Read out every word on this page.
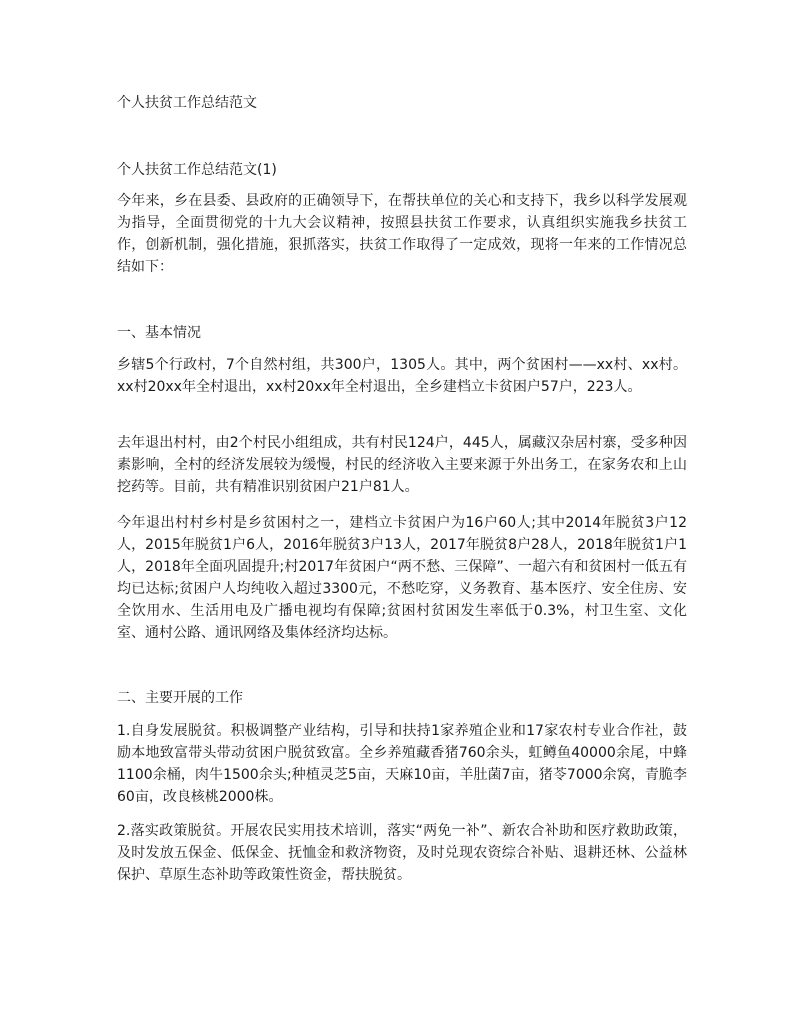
个人扶贫工作总结范文
个人扶贫工作总结范文(1)

今年来，乡在县委、县政府的正确领导下，在帮扶单位的关心和支持下，我乡以科学发展观为指导，全面贯彻党的十九大会议精神，按照县扶贫工作要求，认真组织实施我乡扶贫工作，创新机制，强化措施，狠抓落实，扶贫工作取得了一定成效，现将一年来的工作情况总结如下：

一、基本情况

乡辖5个行政村，7个自然村组，共300户，1305人。其中，两个贫困村——xx村、xx村。xx村20xx年全村退出，xx村20xx年全村退出，全乡建档立卡贫困户57户，223人。

去年退出村村，由2个村民小组组成，共有村民124户，445人，属藏汉杂居村寨，受多种因素影响，全村的经济发展较为缓慢，村民的经济收入主要来源于外出务工，在家务农和上山挖药等。目前，共有精准识别贫困户21户81人。

今年退出村村乡村是乡贫困村之一，建档立卡贫困户为16户60人;其中2014年脱贫3户12人，2015年脱贫1户6人，2016年脱贫3户13人，2017年脱贫8户28人，2018年脱贫1户1人，2018年全面巩固提升;村2017年贫困户“两不愁、三保障”、一超六有和贫困村一低五有均已达标;贫困户人均纯收入超过3300元，不愁吃穿，义务教育、基本医疗、安全住房、安全饮用水、生活用电及广播电视均有保障;贫困村贫困发生率低于0.3%，村卫生室、文化室、通村公路、通讯网络及集体经济均达标。

二、主要开展的工作

1.自身发展脱贫。积极调整产业结构，引导和扶持1家养殖企业和17家农村专业合作社，鼓励本地致富带头带动贫困户脱贫致富。全乡养殖藏香猪760余头，虹鳟鱼40000余尾，中蜂1100余桶，肉牛1500余头;种植灵芝5亩，天麻10亩，羊肚菌7亩，猪苓7000余窝，青脆李60亩，改良核桃2000株。

2.落实政策脱贫。开展农民实用技术培训，落实“两免一补”、新农合补助和医疗救助政策，及时发放五保金、低保金、抚恤金和救济物资，及时兑现农资综合补贴、退耕还林、公益林保护、草原生态补助等政策性资金，帮扶脱贫。
